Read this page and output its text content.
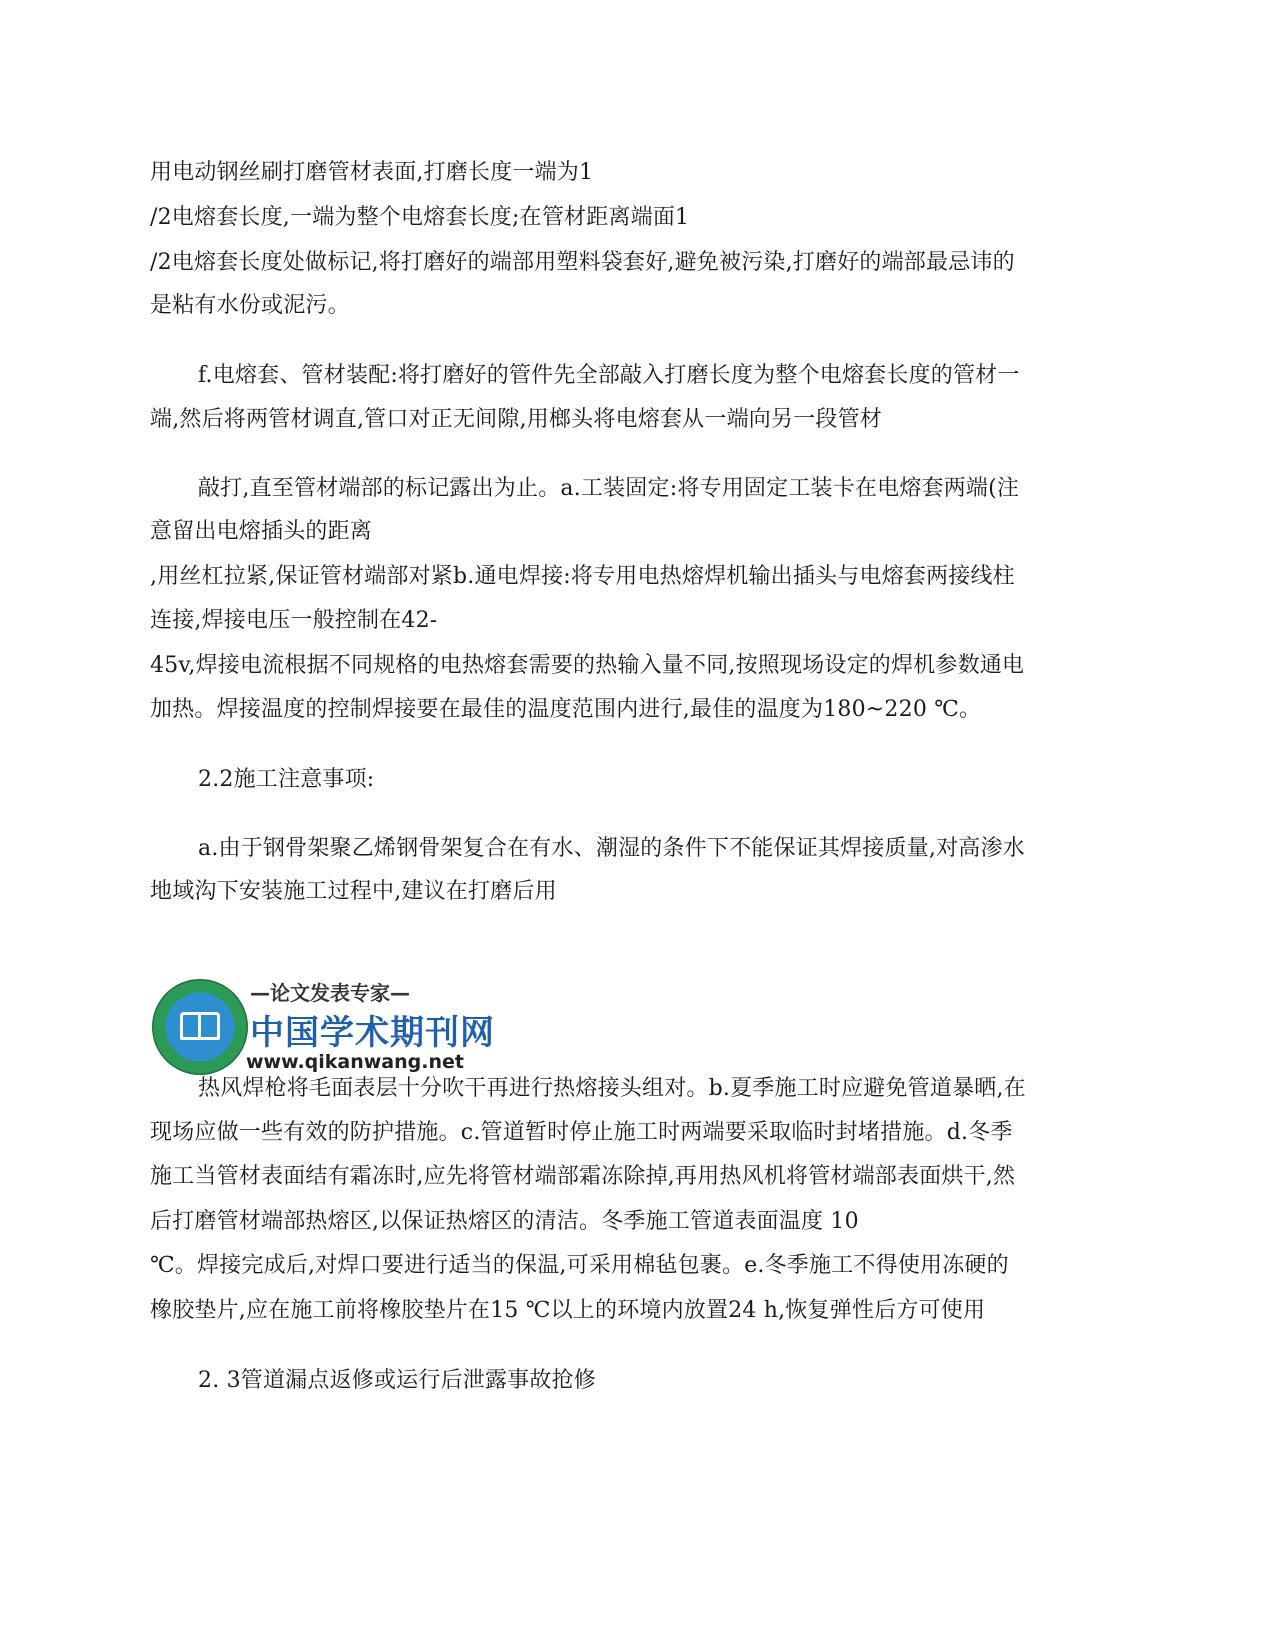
用电动钢丝刷打磨管材表面,打磨长度一端为1
/2电熔套长度,一端为整个电熔套长度;在管材距离端面1
/2电熔套长度处做标记,将打磨好的端部用塑料袋套好,避免被污染,打磨好的端部最忌讳的
是粘有水份或泥污。
f.电熔套、管材装配:将打磨好的管件先全部敲入打磨长度为整个电熔套长度的管材一
端,然后将两管材调直,管口对正无间隙,用榔头将电熔套从一端向另一段管材
敲打,直至管材端部的标记露出为止。a.工装固定:将专用固定工装卡在电熔套两端(注
意留出电熔插头的距离
,用丝杠拉紧,保证管材端部对紧b.通电焊接:将专用电热熔焊机输出插头与电熔套两接线柱
连接,焊接电压一般控制在42-
45v,焊接电流根据不同规格的电热熔套需要的热输入量不同,按照现场设定的焊机参数通电
加热。焊接温度的控制焊接要在最佳的温度范围内进行,最佳的温度为180~220 ℃。
2.2施工注意事项:
a.由于钢骨架聚乙烯钢骨架复合在有水、潮湿的条件下不能保证其焊接质量,对高渗水
地域沟下安装施工过程中,建议在打磨后用
—论文发表专家—
中国学术期刊网
www.qikanwang.net
热风焊枪将毛面表层十分吹干再进行热熔接头组对。b.夏季施工时应避免管道暴晒,在
现场应做一些有效的防护措施。c.管道暂时停止施工时两端要采取临时封堵措施。d.冬季
施工当管材表面结有霜冻时,应先将管材端部霜冻除掉,再用热风机将管材端部表面烘干,然
后打磨管材端部热熔区,以保证热熔区的清洁。冬季施工管道表面温度 10
℃。焊接完成后,对焊口要进行适当的保温,可采用棉毡包裹。e.冬季施工不得使用冻硬的
橡胶垫片,应在施工前将橡胶垫片在15 ℃以上的环境内放置24 h,恢复弹性后方可使用
2. 3管道漏点返修或运行后泄露事故抢修
